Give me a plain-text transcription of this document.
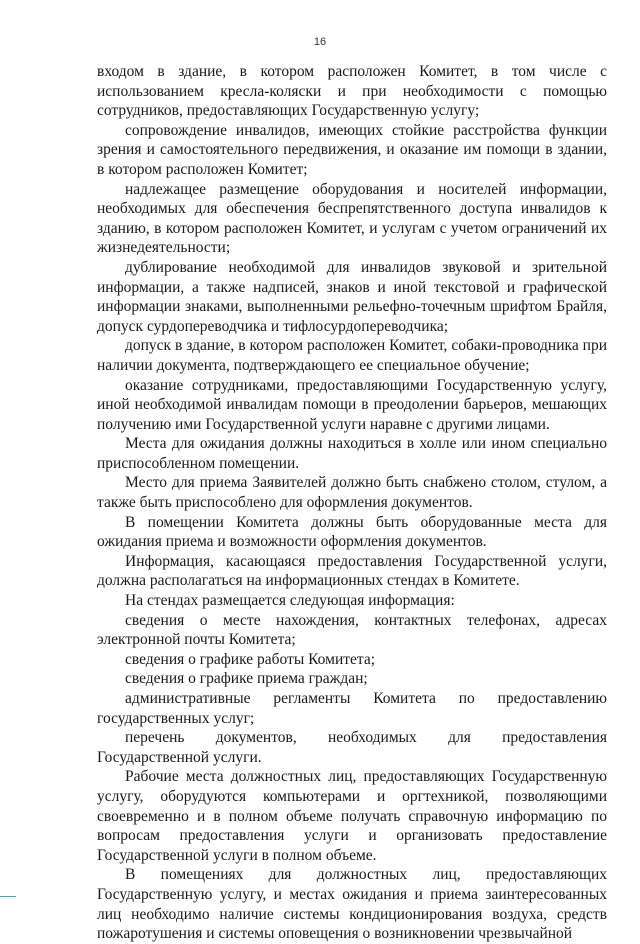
16

входом в здание, в котором расположен Комитет, в том числе с использованием кресла-коляски и при необходимости с помощью сотрудников, предоставляющих Государственную услугу;

сопровождение инвалидов, имеющих стойкие расстройства функции зрения и самостоятельного передвижения, и оказание им помощи в здании, в котором расположен Комитет;

надлежащее размещение оборудования и носителей информации, необходимых для обеспечения беспрепятственного доступа инвалидов к зданию, в котором расположен Комитет, и услугам с учетом ограничений их жизнедеятельности;

дублирование необходимой для инвалидов звуковой и зрительной информации, а также надписей, знаков и иной текстовой и графической информации знаками, выполненными рельефно-точечным шрифтом Брайля, допуск сурдопереводчика и тифлосурдопереводчика;

допуск в здание, в котором расположен Комитет, собаки-проводника при наличии документа, подтверждающего ее специальное обучение;

оказание сотрудниками, предоставляющими Государственную услугу, иной необходимой инвалидам помощи в преодолении барьеров, мешающих получению ими Государственной услуги наравне с другими лицами.

Места для ожидания должны находиться в холле или ином специально приспособленном помещении.

Место для приема Заявителей должно быть снабжено столом, стулом, а также быть приспособлено для оформления документов.

В помещении Комитета должны быть оборудованные места для ожидания приема и возможности оформления документов.

Информация, касающаяся предоставления Государственной услуги, должна располагаться на информационных стендах в Комитете.

На стендах размещается следующая информация:

сведения о месте нахождения, контактных телефонах, адресах электронной почты Комитета;

сведения о графике работы Комитета;

сведения о графике приема граждан;

административные регламенты Комитета по предоставлению государственных услуг;

перечень документов, необходимых для предоставления Государственной услуги.

Рабочие места должностных лиц, предоставляющих Государственную услугу, оборудуются компьютерами и оргтехникой, позволяющими своевременно и в полном объеме получать справочную информацию по вопросам предоставления услуги и организовать предоставление Государственной услуги в полном объеме.

В помещениях для должностных лиц, предоставляющих Государственную услугу, и местах ожидания и приема заинтересованных лиц необходимо наличие системы кондиционирования воздуха, средств пожаротушения и системы оповещения о возникновении чрезвычайной
